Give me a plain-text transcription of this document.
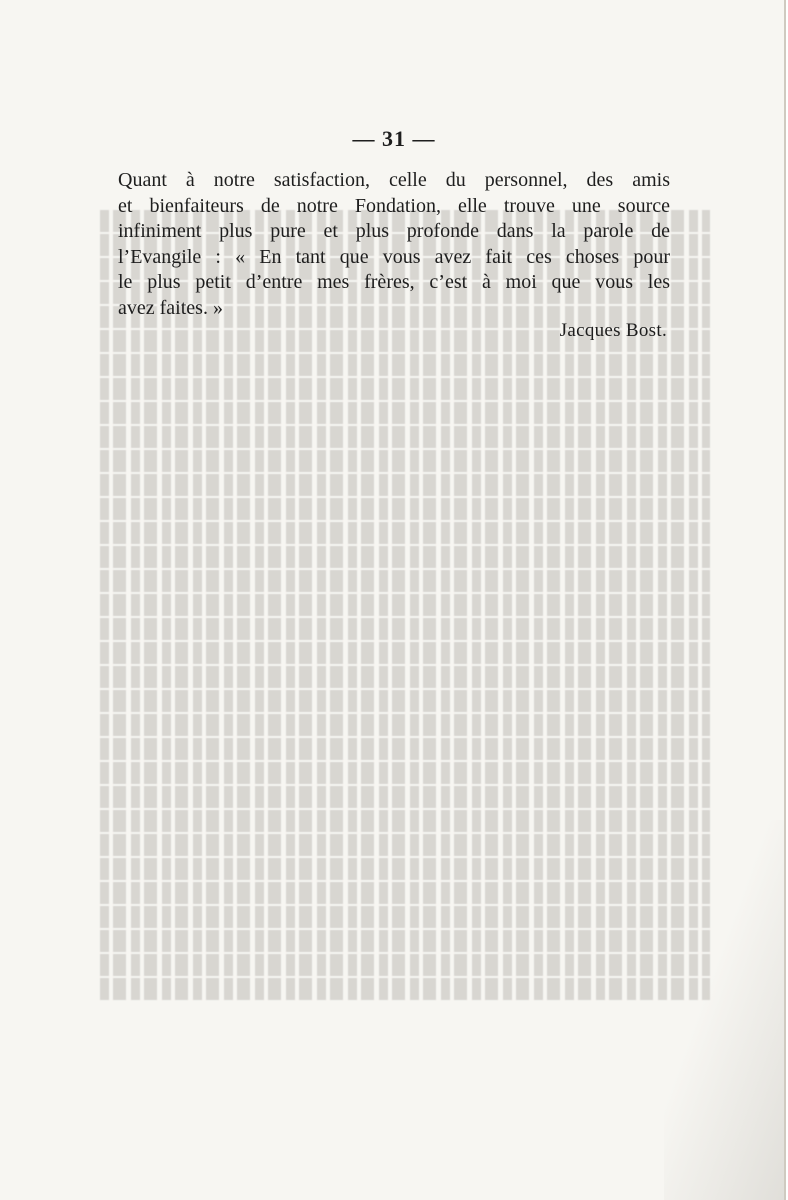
— 31 —
Quant à notre satisfaction, celle du personnel, des amis
et bienfaiteurs de notre Fondation, elle trouve une source
infiniment plus pure et plus profonde dans la parole de
l’Evangile : « En tant que vous avez fait ces choses pour
le plus petit d’entre mes frères, c’est à moi que vous les
avez faites. »
Jacques Bost.
